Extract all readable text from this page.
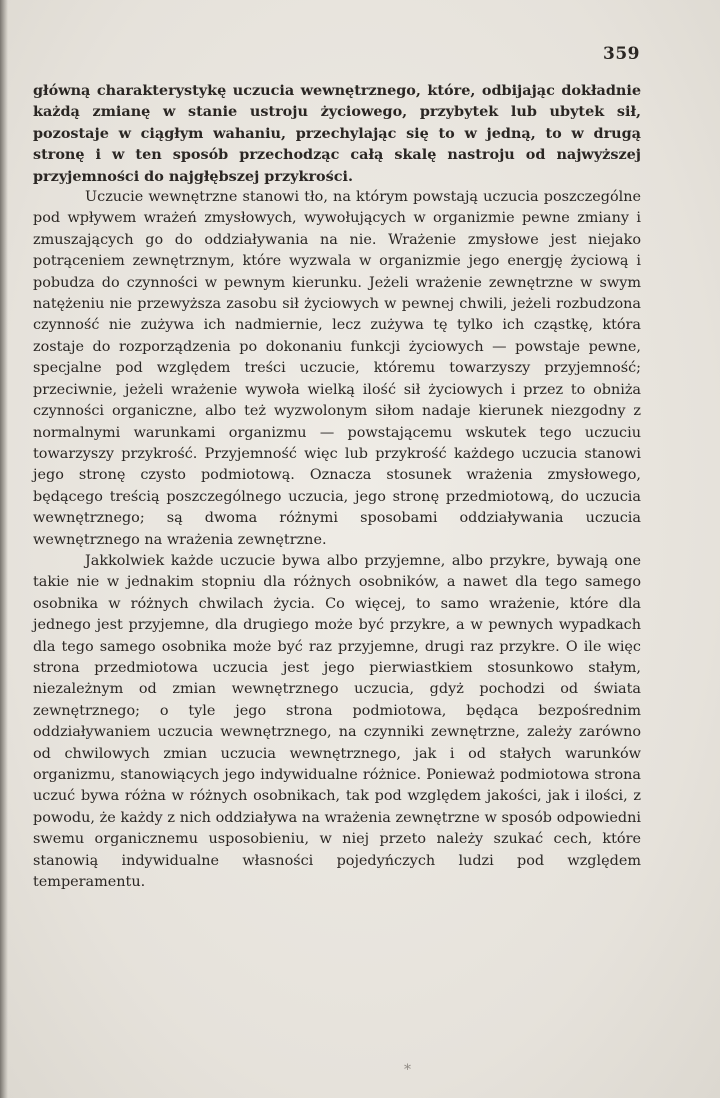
359

główną charakterystykę uczucia wewnętrznego, które, odbijając dokładnie każdą zmianę w stanie ustroju życiowego, przybytek lub ubytek sił, pozostaje w ciągłym wahaniu, przechylając się to w jedną, to w drugą stronę i w ten sposób przechodząc całą skalę nastroju od najwyższej przyjemności do najgłębszej przykrości.

Uczucie wewnętrzne stanowi tło, na którym powstają uczucia poszczególne pod wpływem wrażeń zmysłowych, wywołujących w organizmie pewne zmiany i zmuszających go do oddziaływania na nie. Wrażenie zmysłowe jest niejako potrąceniem zewnętrznym, które wyzwala w organizmie jego energję życiową i pobudza do czynności w pewnym kierunku. Jeżeli wrażenie zewnętrzne w swym natężeniu nie przewyższa zasobu sił życiowych w pewnej chwili, jeżeli rozbudzona czynność nie zużywa ich nadmiernie, lecz zużywa tę tylko ich cząstkę, która zostaje do rozporządzenia po dokonaniu funkcji życiowych — powstaje pewne, specjalne pod względem treści uczucie, któremu towarzyszy przyjemność; przeciwnie, jeżeli wrażenie wywoła wielką ilość sił życiowych i przez to obniża czynności organiczne, albo też wyzwolonym siłom nadaje kierunek niezgodny z normalnymi warunkami organizmu — powstającemu wskutek tego uczuciu towarzyszy przykrość. Przyjemność więc lub przykrość każdego uczucia stanowi jego stronę czysto podmiotową. Oznacza stosunek wrażenia zmysłowego, będącego treścią poszczególnego uczucia, jego stronę przedmiotową, do uczucia wewnętrznego; są dwoma różnymi sposobami oddziaływania uczucia wewnętrznego na wrażenia zewnętrzne.

Jakkolwiek każde uczucie bywa albo przyjemne, albo przykre, bywają one takie nie w jednakim stopniu dla różnych osobników, a nawet dla tego samego osobnika w różnych chwilach życia. Co więcej, to samo wrażenie, które dla jednego jest przyjemne, dla drugiego może być przykre, a w pewnych wypadkach dla tego samego osobnika może być raz przyjemne, drugi raz przykre. O ile więc strona przedmiotowa uczucia jest jego pierwiastkiem stosunkowo stałym, niezależnym od zmian wewnętrznego uczucia, gdyż pochodzi od świata zewnętrznego; o tyle jego strona podmiotowa, będąca bezpośrednim oddziaływaniem uczucia wewnętrznego, na czynniki zewnętrzne, zależy zarówno od chwilowych zmian uczucia wewnętrznego, jak i od stałych warunków organizmu, stanowiących jego indywidualne różnice. Ponieważ podmiotowa strona uczuć bywa różna w różnych osobnikach, tak pod względem jakości, jak i ilości, z powodu, że każdy z nich oddziaływa na wrażenia zewnętrzne w sposób odpowiedni swemu organicznemu usposobieniu, w niej przeto należy szukać cech, które stanowią indywidualne własności pojedyńczych ludzi pod względem temperamentu.

*
